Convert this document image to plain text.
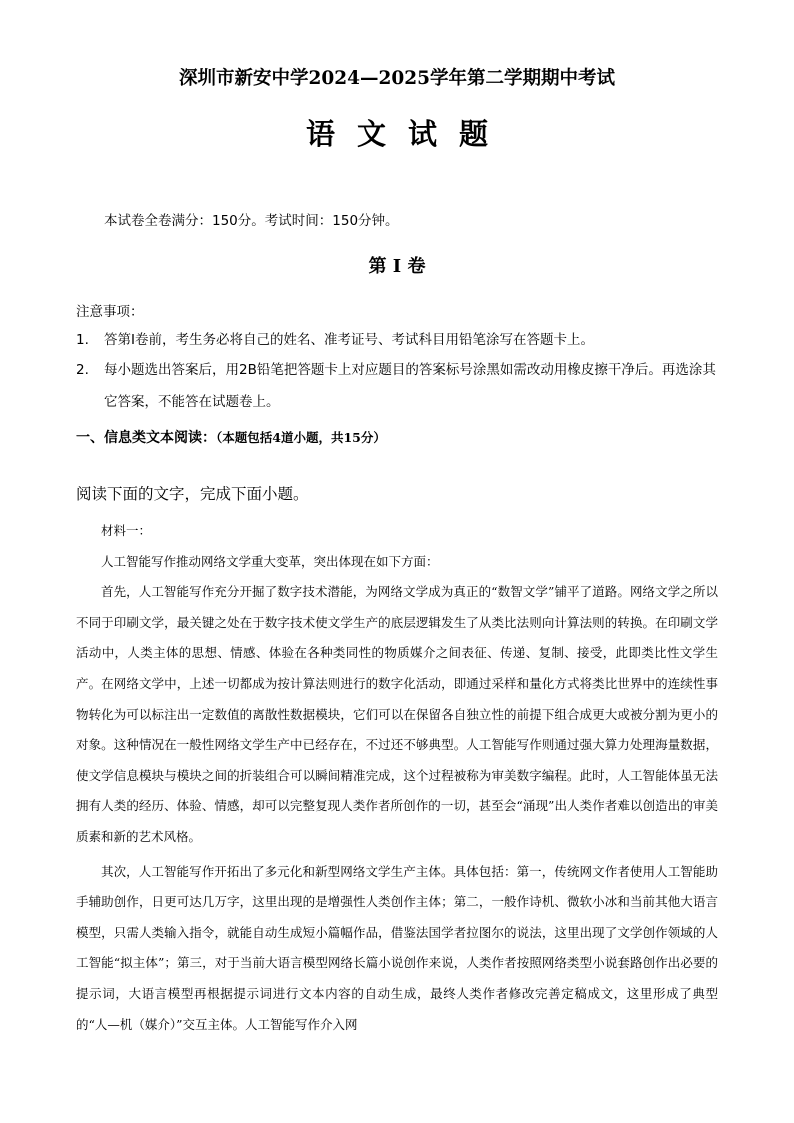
深圳市新安中学2024—2025学年第二学期期中考试
语文试题
本试卷全卷满分：150分。考试时间：150分钟。
第 I 卷
注意事项：
1. 答第I卷前，考生务必将自己的姓名、准考证号、考试科目用铅笔涂写在答题卡上。
2. 每小题选出答案后，用2B铅笔把答题卡上对应题目的答案标号涂黑如需改动用橡皮擦干净后。再选涂其它答案，不能答在试题卷上。
一、信息类文本阅读：（本题包括4道小题，共15分）
阅读下面的文字，完成下面小题。

材料一：

人工智能写作推动网络文学重大变革，突出体现在如下方面：

首先，人工智能写作充分开掘了数字技术潜能，为网络文学成为真正的“数智文学”铺平了道路。网络文学之所以不同于印刷文学，最关键之处在于数字技术使文学生产的底层逻辑发生了从类比法则向计算法则的转换。在印刷文学活动中，人类主体的思想、情感、体验在各种类同性的物质媒介之间表征、传递、复制、接受，此即类比性文学生产。在网络文学中，上述一切都成为按计算法则进行的数字化活动，即通过采样和量化方式将类比世界中的连续性事物转化为可以标注出一定数值的离散性数据模块，它们可以在保留各自独立性的前提下组合成更大或被分割为更小的对象。这种情况在一般性网络文学生产中已经存在，不过还不够典型。人工智能写作则通过强大算力处理海量数据，使文学信息模块与模块之间的折装组合可以瞬间精准完成，这个过程被称为审美数字编程。此时，人工智能体虽无法拥有人类的经历、体验、情感，却可以完整复现人类作者所创作的一切，甚至会“涌现”出人类作者难以创造出的审美质素和新的艺术风格。

其次，人工智能写作开拓出了多元化和新型网络文学生产主体。具体包括：第一，传统网文作者使用人工智能助手辅助创作，日更可达几万字，这里出现的是增强性人类创作主体；第二，一般作诗机、微软小冰和当前其他大语言模型，只需人类输入指令，就能自动生成短小篇幅作品，借鉴法国学者拉图尔的说法，这里出现了文学创作领域的人工智能“拟主体”；第三，对于当前大语言模型网络长篇小说创作来说，人类作者按照网络类型小说套路创作出必要的提示词，大语言模型再根据提示词进行文本内容的自动生成，最终人类作者修改完善定稿成文，这里形成了典型的“人—机（媒介）”交互主体。人工智能写作介入网
